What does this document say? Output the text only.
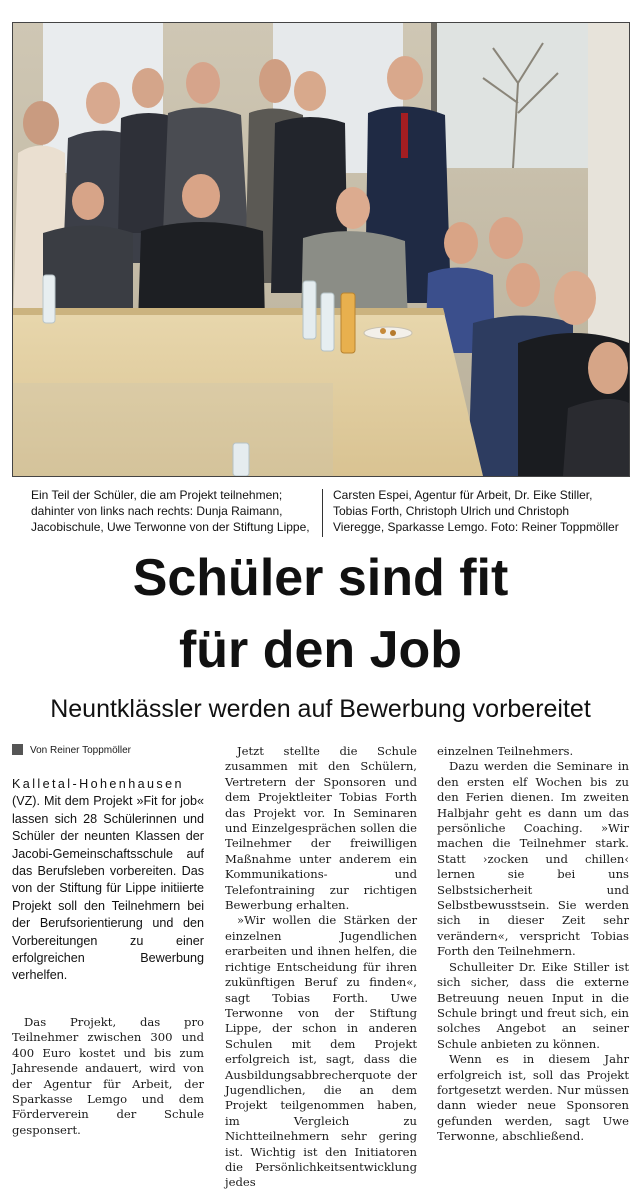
Ein Teil der Schüler, die am Projekt teilnehmen; dahinter von links nach rechts: Dunja Raimann, Jacobischule, Uwe Terwonne von der Stiftung Lippe,
Carsten Espei, Agentur für Arbeit, Dr. Eike Stiller, Tobias Forth, Christoph Ulrich und Christoph Vieregge, Sparkasse Lemgo. Foto: Reiner Toppmöller
Schüler sind fit
für den Job
Neuntklässler werden auf Bewerbung vorbereitet
Von Reiner Toppmöller
Kalletal-Hohenhausen (VZ). Mit dem Projekt »Fit for job« lassen sich 28 Schülerinnen und Schüler der neunten Klassen der Jacobi-Gemeinschaftsschule auf das Berufsleben vorbereiten. Das von der Stiftung für Lippe initiierte Projekt soll den Teilnehmern bei der Berufsorientierung und den Vorbereitungen zu einer erfolgreichen Bewerbung verhelfen.

Das Projekt, das pro Teilnehmer zwischen 300 und 400 Euro kostet und bis zum Jahresende andauert, wird von der Agentur für Arbeit, der Sparkasse Lemgo und dem Förderverein der Schule gesponsert.

Jetzt stellte die Schule zusammen mit den Schülern, Vertretern der Sponsoren und dem Projektleiter Tobias Forth das Projekt vor. In Seminaren und Einzelgesprächen sollen die Teilnehmer der freiwilligen Maßnahme unter anderem ein Kommunikations- und Telefontraining zur richtigen Bewerbung erhalten.

»Wir wollen die Stärken der einzelnen Jugendlichen erarbeiten und ihnen helfen, die richtige Entscheidung für ihren zukünftigen Beruf zu finden«, sagt Tobias Forth. Uwe Terwonne von der Stiftung Lippe, der schon in anderen Schulen mit dem Projekt erfolgreich ist, sagt, dass die Ausbildungsabbrecherquote der Jugendlichen, die an dem Projekt teilgenommen haben, im Vergleich zu Nichtteilnehmern sehr gering ist. Wichtig ist den Initiatoren die Persönlichkeitsentwicklung jedes

einzelnen Teilnehmers.

Dazu werden die Seminare in den ersten elf Wochen bis zu den Ferien dienen. Im zweiten Halbjahr geht es dann um das persönliche Coaching. »Wir machen die Teilnehmer stark. Statt ›zocken und chillen‹ lernen sie bei uns Selbstsicherheit und Selbstbewusstsein. Sie werden sich in dieser Zeit sehr verändern«, verspricht Tobias Forth den Teilnehmern.

Schulleiter Dr. Eike Stiller ist sich sicher, dass die externe Betreuung neuen Input in die Schule bringt und freut sich, ein solches Angebot an seiner Schule anbieten zu können.

Wenn es in diesem Jahr erfolgreich ist, soll das Projekt fortgesetzt werden. Nur müssen dann wieder neue Sponsoren gefunden werden, sagt Uwe Terwonne, abschließend.
